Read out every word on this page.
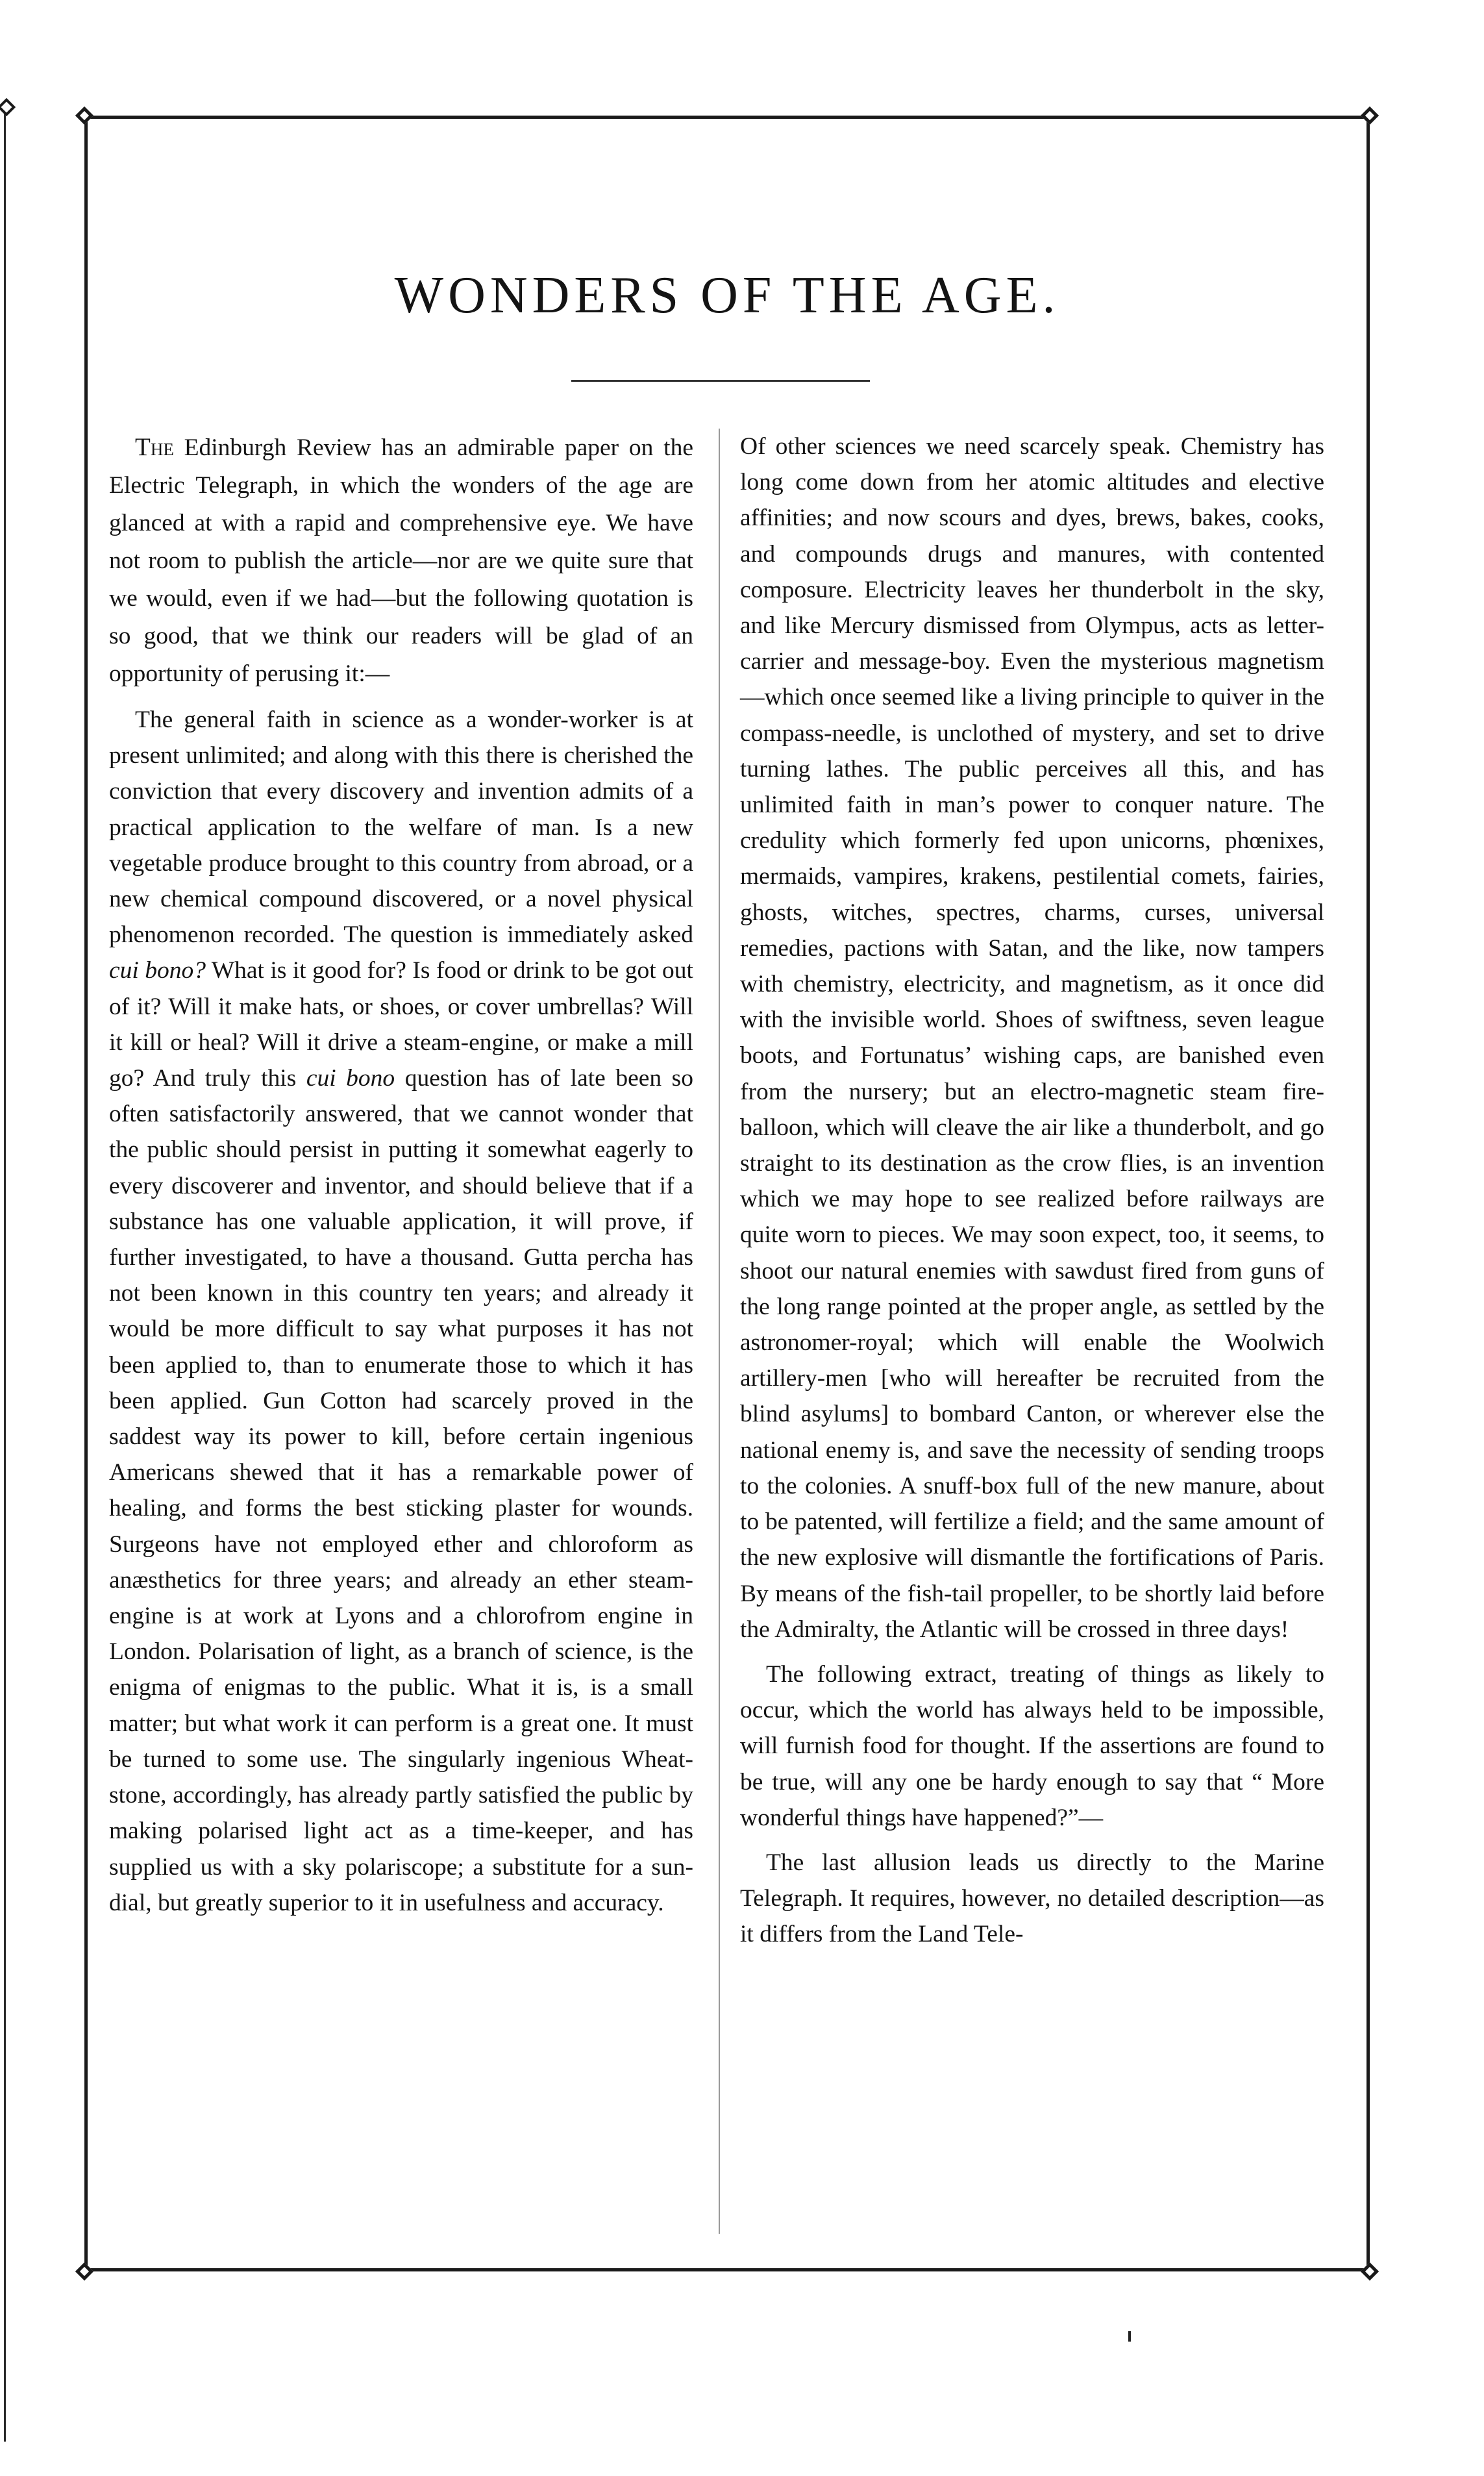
WONDERS OF THE AGE.

The Edinburgh Review has an admirable paper on the Electric Telegraph, in which the wonders of the age are glanced at with a rapid and comprehensive eye. We have not room to publish the article—nor are we quite sure that we would, even if we had—but the following quotation is so good, that we think our readers will be glad of an opportunity of perusing it:—

The general faith in science as a wonder-worker is at present unlimited; and along with this there is cherished the conviction that every discovery and invention admits of a practical application to the welfare of man. Is a new vegetable produce brought to this country from abroad, or a new chemical compound discovered, or a novel physical phenomenon recorded. The question is immediately asked cui bono? What is it good for? Is food or drink to be got out of it? Will it make hats, or shoes, or cover umbrellas? Will it kill or heal? Will it drive a steam-engine, or make a mill go? And truly this cui bono question has of late been so often satisfactorily answered, that we cannot wonder that the public should persist in putting it somewhat eagerly to every discoverer and inventor, and should believe that if a substance has one valuable application, it will prove, if further investigated, to have a thousand. Gutta percha has not been known in this country ten years; and already it would be more difficult to say what purposes it has not been applied to, than to enumerate those to which it has been applied. Gun Cotton had scarcely proved in the saddest way its power to kill, before certain ingenious Americans shewed that it has a remarkable power of healing, and forms the best sticking plaster for wounds. Surgeons have not employed ether and chloroform as anæsthetics for three years; and already an ether steam-engine is at work at Lyons and a chlorofrom engine in London. Polarisation of light, as a branch of science, is the enigma of enigmas to the public. What it is, is a small matter; but what work it can perform is a great one. It must be turned to some use. The singularly ingenious Wheat-stone, accordingly, has already partly satisfied the public by making polarised light act as a time-keeper, and has supplied us with a sky polariscope; a substitute for a sun-dial, but greatly superior to it in usefulness and accuracy.

Of other sciences we need scarcely speak. Chemistry has long come down from her atomic altitudes and elective affinities; and now scours and dyes, brews, bakes, cooks, and compounds drugs and manures, with contented composure. Electricity leaves her thunderbolt in the sky, and like Mercury dismissed from Olympus, acts as letter-carrier and message-boy. Even the mysterious magnetism—which once seemed like a living principle to quiver in the compass-needle, is unclothed of mystery, and set to drive turning lathes. The public perceives all this, and has unlimited faith in man’s power to conquer nature. The credulity which formerly fed upon unicorns, phœnixes, mermaids, vampires, krakens, pestilential comets, fairies, ghosts, witches, spectres, charms, curses, universal remedies, pactions with Satan, and the like, now tampers with chemistry, electricity, and magnetism, as it once did with the invisible world. Shoes of swiftness, seven league boots, and Fortunatus’ wishing caps, are banished even from the nursery; but an electro-magnetic steam fire-balloon, which will cleave the air like a thunderbolt, and go straight to its destination as the crow flies, is an invention which we may hope to see realized before railways are quite worn to pieces. We may soon expect, too, it seems, to shoot our natural enemies with sawdust fired from guns of the long range pointed at the proper angle, as settled by the astronomer-royal; which will enable the Woolwich artillery-men [who will hereafter be recruited from the blind asylums] to bombard Canton, or wherever else the national enemy is, and save the necessity of sending troops to the colonies. A snuff-box full of the new manure, about to be patented, will fertilize a field; and the same amount of the new explosive will dismantle the fortifications of Paris. By means of the fish-tail propeller, to be shortly laid before the Admiralty, the Atlantic will be crossed in three days!

The following extract, treating of things as likely to occur, which the world has always held to be impossible, will furnish food for thought. If the assertions are found to be true, will any one be hardy enough to say that “ More wonderful things have happened?”—

The last allusion leads us directly to the Marine Telegraph. It requires, however, no detailed description—as it differs from the Land Tele-
